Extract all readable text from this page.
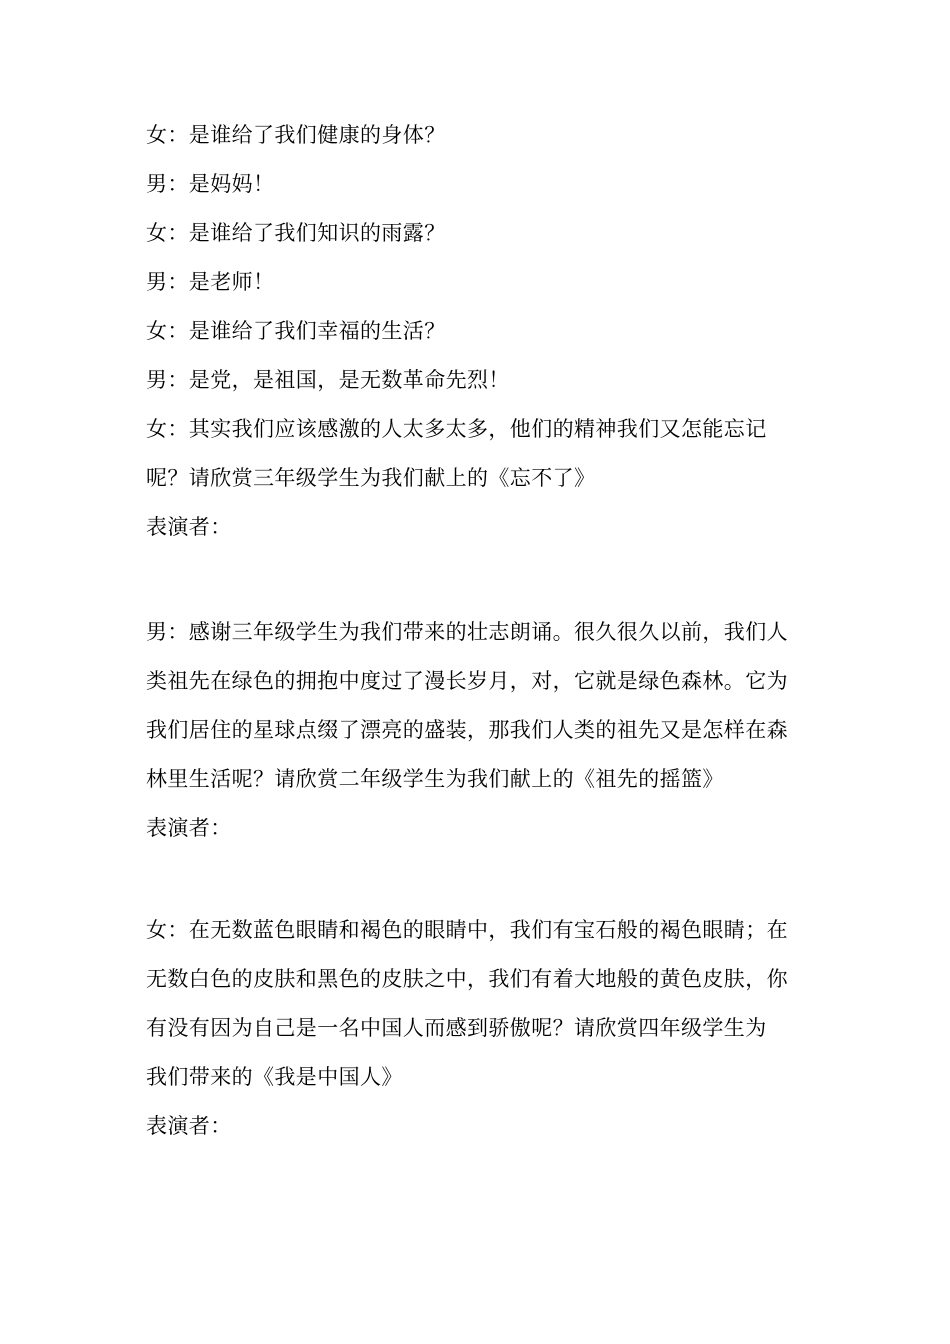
女：是谁给了我们健康的身体？
男：是妈妈！
女：是谁给了我们知识的雨露？
男：是老师！
女：是谁给了我们幸福的生活？
男：是党，是祖国，是无数革命先烈！
女：其实我们应该感激的人太多太多，他们的精神我们又怎能忘记
呢？请欣赏三年级学生为我们献上的《忘不了》
表演者：
男：感谢三年级学生为我们带来的壮志朗诵。很久很久以前，我们人
类祖先在绿色的拥抱中度过了漫长岁月，对，它就是绿色森林。它为
我们居住的星球点缀了漂亮的盛装，那我们人类的祖先又是怎样在森
林里生活呢？请欣赏二年级学生为我们献上的《祖先的摇篮》
表演者：
女：在无数蓝色眼睛和褐色的眼睛中，我们有宝石般的褐色眼睛；在
无数白色的皮肤和黑色的皮肤之中，我们有着大地般的黄色皮肤，你
有没有因为自己是一名中国人而感到骄傲呢？请欣赏四年级学生为
我们带来的《我是中国人》
表演者：
